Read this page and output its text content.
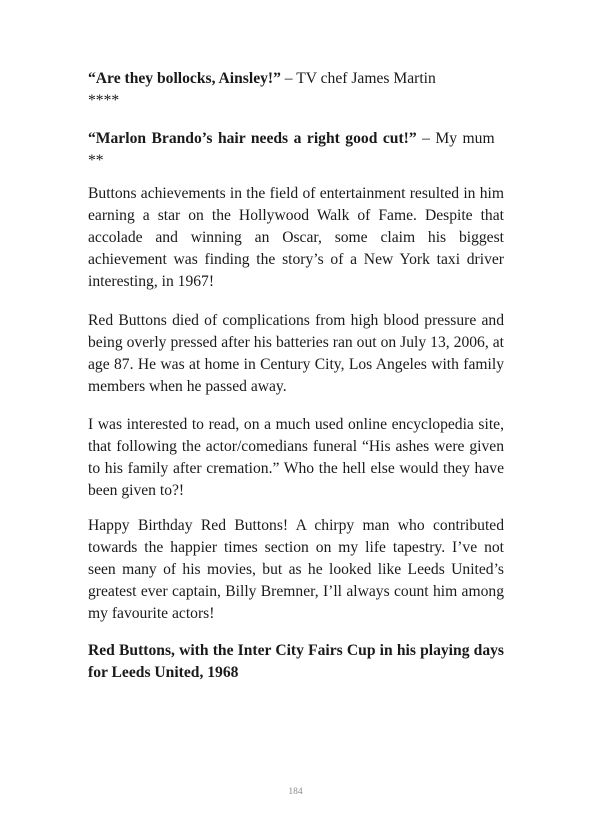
“Are they bollocks, Ainsley!” – TV chef James Martin
****

“Marlon Brando’s hair needs a right good cut!” – My mum   **

Buttons achievements in the field of entertainment resulted in him earning a star on the Hollywood Walk of Fame. Despite that accolade and winning an Oscar, some claim his biggest achievement was finding the story’s of a New York taxi driver interesting, in 1967!

Red Buttons died of complications from high blood pressure and being overly pressed after his batteries ran out on July 13, 2006, at age 87. He was at home in Century City, Los Angeles with family members when he passed away.

I was interested to read, on a much used online encyclopedia site, that following the actor/comedians funeral “His ashes were given to his family after cremation.” Who the hell else would they have been given to?!

Happy Birthday Red Buttons! A chirpy man who contributed towards the happier times section on my life tapestry. I’ve not seen many of his movies, but as he looked like Leeds United’s greatest ever captain, Billy Bremner, I’ll always count him among my favourite actors!

Red Buttons, with the Inter City Fairs Cup in his playing days for Leeds United, 1968

184
